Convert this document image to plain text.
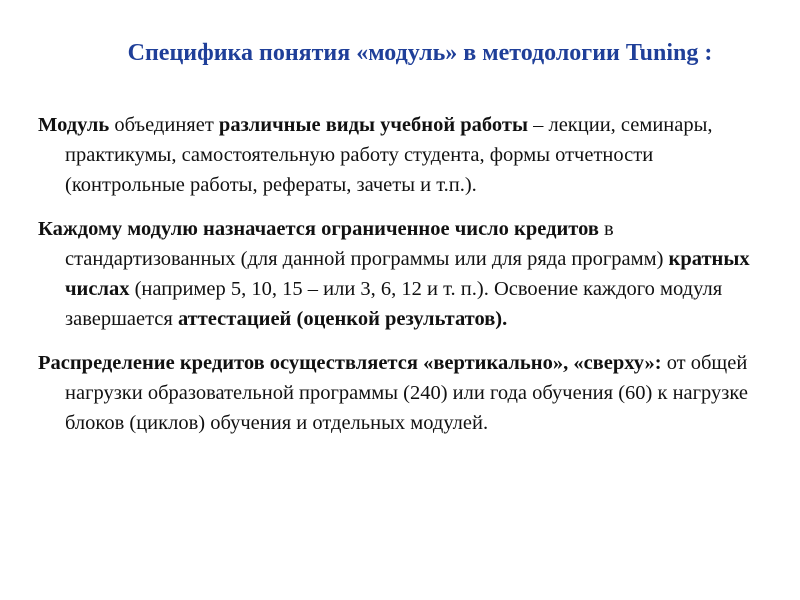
Специфика понятия «модуль» в методологии Tuning :

Модуль объединяет различные виды учебной работы – лекции, семинары, практикумы, самостоятельную работу студента, формы отчетности (контрольные работы, рефераты, зачеты и т.п.).

Каждому модулю назначается ограниченное число кредитов в стандартизованных (для данной программы или для ряда программ) кратных числах (например 5, 10, 15 – или 3, 6, 12 и т. п.). Освоение каждого модуля завершается аттестацией (оценкой результатов).

Распределение кредитов осуществляется «вертикально», «сверху»: от общей нагрузки образовательной программы (240) или года обучения (60) к нагрузке блоков (циклов) обучения и отдельных модулей.
